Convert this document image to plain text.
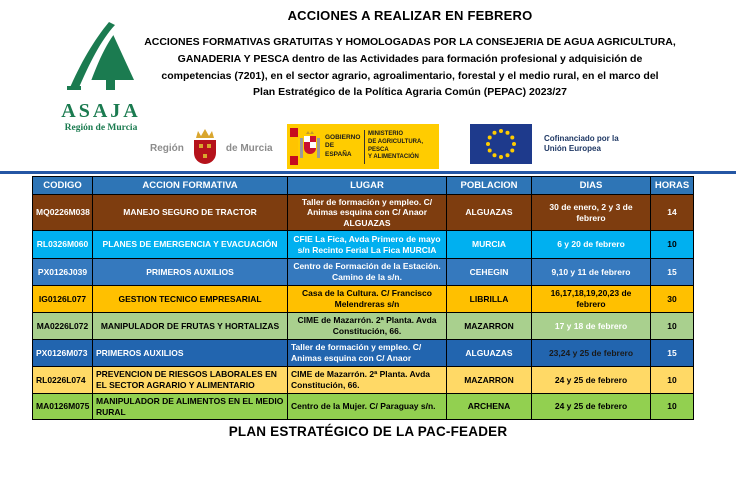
ASAJA
Región de Murcia
ACCIONES A REALIZAR EN FEBRERO
ACCIONES FORMATIVAS GRATUITAS Y HOMOLOGADAS POR LA CONSEJERIA DE AGUA AGRICULTURA,
GANADERIA Y PESCA dentro de las Actividades para formación profesional y adquisición de
competencias (7201), en el sector agrario, agroalimentario, forestal y el medio rural, en el marco del
Plan Estratégico de la Política Agraria Común (PEPAC) 2023/27
Región	de Murcia
GOBIERNO
DE ESPAÑA
MINISTERIO
DE AGRICULTURA, PESCA
Y ALIMENTACIÓN
Cofinanciado por la
Unión Europea
CODIGO	ACCION FORMATIVA	LUGAR	POBLACION	DIAS	HORAS
MQ0226M038	MANEJO SEGURO DE TRACTOR	Taller de formación y empleo. C/ Animas esquina con C/ Anaor ALGUAZAS	ALGUAZAS	30 de enero, 2 y 3 de febrero	14
RL0326M060	PLANES DE EMERGENCIA Y EVACUACIÓN	CFIE La Fica, Avda Primero de mayo s/n Recinto Ferial La Fica MURCIA	MURCIA	6 y 20 de febrero	10
PX0126J039	PRIMEROS AUXILIOS	Centro de Formación de la Estación. Camino de la s/n.	CEHEGIN	9,10 y 11 de febrero	15
IG0126L077	GESTION TECNICO EMPRESARIAL	Casa de la Cultura. C/ Francisco Melendreras s/n	LIBRILLA	16,17,18,19,20,23 de febrero	30
MA0226L072	MANIPULADOR DE FRUTAS Y HORTALIZAS	CIME de Mazarrón. 2ª Planta. Avda Constitución, 66.	MAZARRON	17 y 18 de febrero	10
PX0126M073	PRIMEROS AUXILIOS	Taller de formación y empleo. C/ Animas esquina con C/ Anaor	ALGUAZAS	23,24 y 25 de febrero	15
RL0226L074	PREVENCION DE RIESGOS LABORALES EN EL SECTOR AGRARIO Y ALIMENTARIO	CIME de Mazarrón. 2ª Planta. Avda Constitución, 66.	MAZARRON	24 y 25 de febrero	10
MA0126M075	MANIPULADOR DE ALIMENTOS EN EL MEDIO RURAL	Centro de la Mujer. C/ Paraguay s/n.	ARCHENA	24 y 25 de febrero	10
PLAN ESTRATÉGICO DE LA PAC-FEADER
